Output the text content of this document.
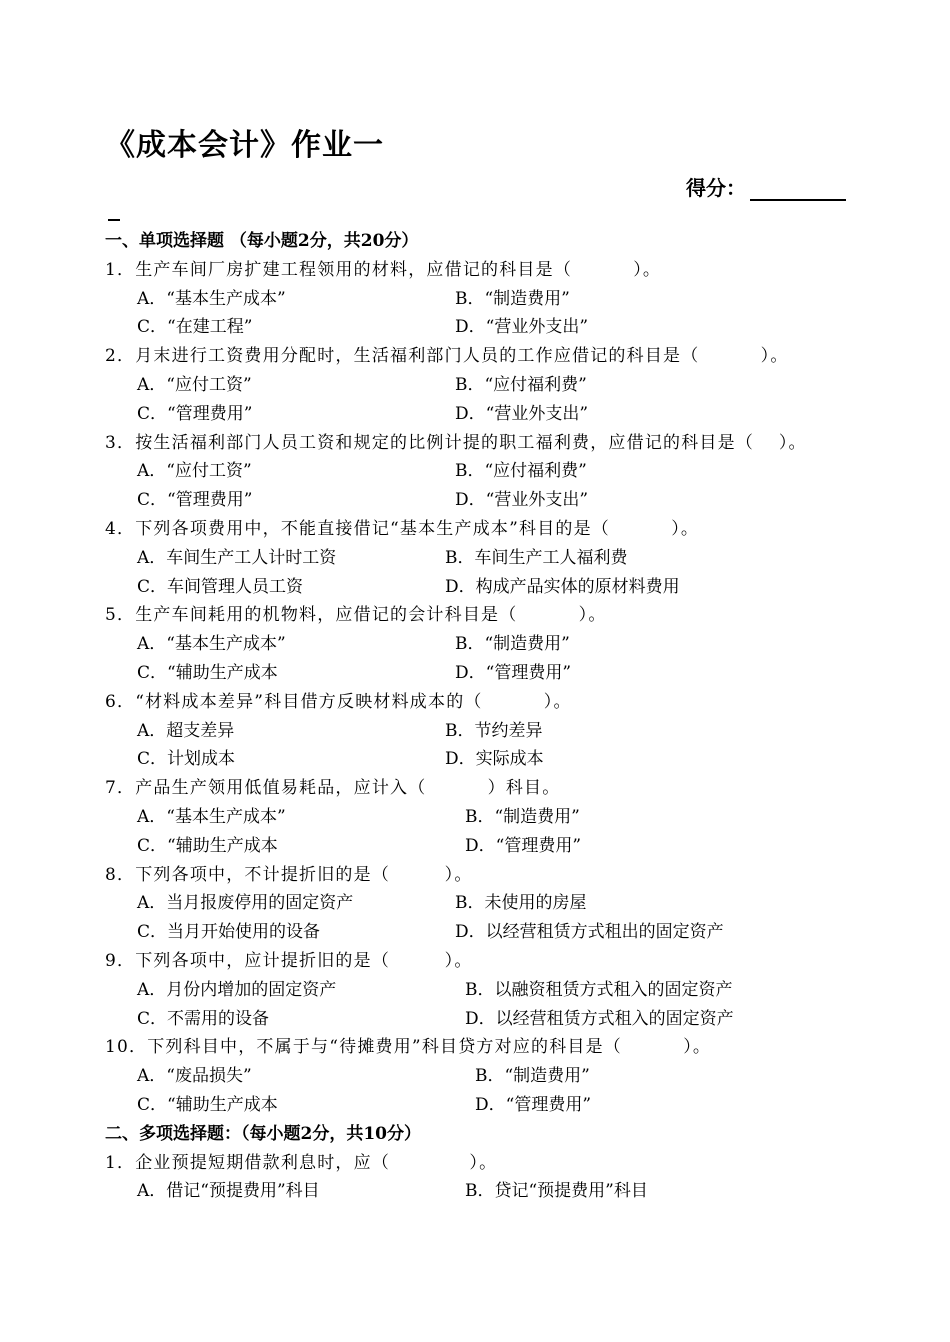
《成本会计》作业一
得分：
一、单项选择题 （每小题2分，共20分）
1．生产车间厂房扩建工程领用的材料，应借记的科目是（　　　 ）。
A．“基本生产成本”	B．“制造费用”
C．“在建工程”	D．“营业外支出”
2．月末进行工资费用分配时，生活福利部门人员的工作应借记的科目是（　　　 ）。
A．“应付工资”	B．“应付福利费”
C．“管理费用”	D．“营业外支出”
3．按生活福利部门人员工资和规定的比例计提的职工福利费，应借记的科目是（　 ）。
A．“应付工资”	B．“应付福利费”
C．“管理费用”	D．“营业外支出”
4．下列各项费用中，不能直接借记“基本生产成本”科目的是（　　　 ）。
A．车间生产工人计时工资	B．车间生产工人福利费
C．车间管理人员工资	D．构成产品实体的原材料费用
5．生产车间耗用的机物料，应借记的会计科目是（　　　 ）。
A．“基本生产成本”	B．“制造费用”
C．“辅助生产成本	D．“管理费用”
6．“材料成本差异”科目借方反映材料成本的（　　　 ）。
A．超支差异	B．节约差异
C．计划成本	D．实际成本
7．产品生产领用低值易耗品，应计入（　　　 ）科目。
A．“基本生产成本”	B．“制造费用”
C．“辅助生产成本	D．“管理费用”
8．下列各项中，不计提折旧的是（　　　）。
A．当月报废停用的固定资产	B．未使用的房屋
C．当月开始使用的设备	D．以经营租赁方式租出的固定资产
9．下列各项中，应计提折旧的是（　　　）。
A．月份内增加的固定资产	B．以融资租赁方式租入的固定资产
C．不需用的设备	D．以经营租赁方式租入的固定资产
10．下列科目中，不属于与“待摊费用”科目贷方对应的科目是（　　　 ）。
A．“废品损失”	B．“制造费用”
C．“辅助生产成本	D．“管理费用”
二、多项选择题：（每小题2分，共10分）
1．企业预提短期借款利息时，应（　　　　 ）。
A．借记“预提费用”科目	B．贷记“预提费用”科目
